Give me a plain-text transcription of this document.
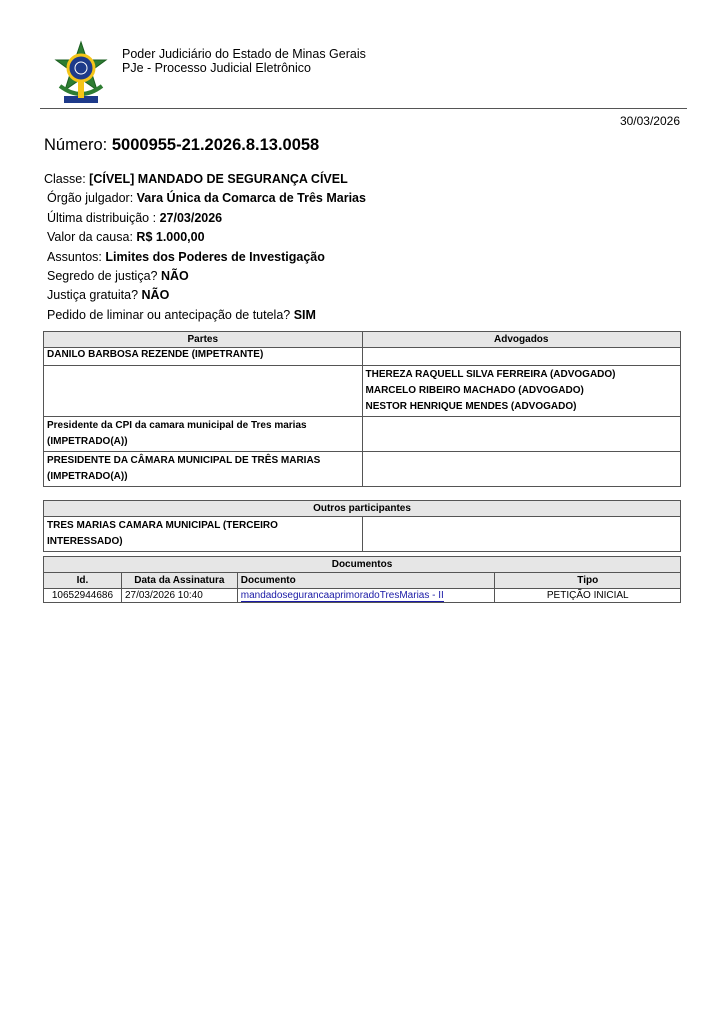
Poder Judiciário do Estado de Minas Gerais
PJe - Processo Judicial Eletrônico
30/03/2026
Número: 5000955-21.2026.8.13.0058
Classe: [CÍVEL] MANDADO DE SEGURANÇA CÍVEL
Órgão julgador: Vara Única da Comarca de Três Marias
Última distribuição : 27/03/2026
Valor da causa: R$ 1.000,00
Assuntos: Limites dos Poderes de Investigação
Segredo de justiça? NÃO
Justiça gratuita? NÃO
Pedido de liminar ou antecipação de tutela? SIM
Partes	Advogados
DANILO BARBOSA REZENDE (IMPETRANTE)	

	THEREZA RAQUELL SILVA FERREIRA (ADVOGADO)
MARCELO RIBEIRO MACHADO (ADVOGADO)
NESTOR HENRIQUE MENDES (ADVOGADO)

Presidente da CPI da camara municipal de Tres marias
(IMPETRADO(A))	

PRESIDENTE DA CÂMARA MUNICIPAL DE TRÊS MARIAS
(IMPETRADO(A))	

Outros participantes

TRES MARIAS CAMARA MUNICIPAL (TERCEIRO
INTERESSADO)

Documentos			
Id.	Data da Assinatura	Documento	Tipo
10652944686	27/03/2026 10:40	mandadosegurancaaprimoradoTresMarias - II	PETIÇÃO INICIAL
